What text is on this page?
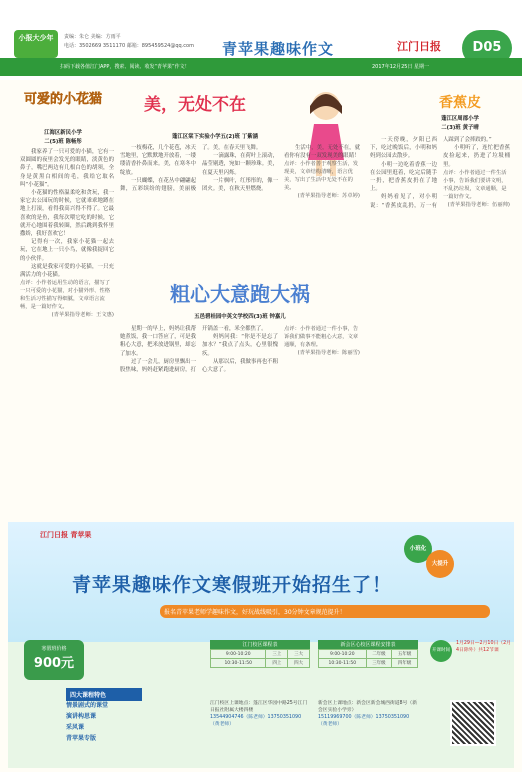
小报大少年	责编：朱仑 美编：方雨平
电话：3502669 3511170 邮箱：895459524@qq.com	青苹果趣味作文	江门日报	D05
扫码下载各值江门APP，搜索、阅读、收发“青苹果”作文！	2017年12月25日 星期一
可爱的小花猫
江海区新民小学
二(5)班 陈畅彤

我家养了一只可爱的小猫，它有一双圆圆的夜里会发光的眼睛，淡黄色的鼻子，嘴巴两边有几根白色的胡须，全身是黄黑白相间的毛，我给它取名叫“小花猫”。

小花猫的性格温柔吃和贪玩，我一家它去公园玩的时候，它就乖乖地蹲在地上打滚，看得我高兴得不得了。它最喜欢的是鱼，我每次喂它吃的时候，它就开心地围着我转圈，然后跳到我怀里撒娇，我好喜欢它！

记得有一次，我家小花猫一起去玩，它在地上一只小鸟，就像我捉回它的小伙伴。

这就是我家可爱的小花猫，一只充满活力的小花猫。

点评：小作者运用生动的语言，描写了一只可爱的小花猫，对小猫外形、性格和生活习性描写得细腻，文章语言流畅，是一篇好作文。

(青苹果指导老师：王文惠)

美，无处不在
蓬江区棠下实验小学五(2)班 丁紫涵

一枝梅花，几个花苞，冰天雪地里，它默默地开放着，一缕缕清香扑鼻而来。美，在寒冬中绽放。

一只蝴蝶，在花丛中翩翩起舞，五彩缤纷的翅膀，美丽极了。美，在春天里飞舞。

一滴露珠，在荷叶上滚动，晶莹剔透，宛如一颗珍珠。美，在夏天里闪烁。

一片枫叶，红彤彤的，像一团火。美，在秋天里燃烧。

生活中，美，无处不在，就看你有没有一双发现美的眼睛！

点评：小作者善于观察生活，发现美，文章结构清晰，语言优美，写出了生活中无处不在的美。

(青苹果指导老师：苏卓婷)

粗心大意跑大祸
五邑碧桂园中英文学校四(3)班 钟嘉儿

星期一的早上，妈妈让我帮她煮饭，我一口答应了，可是我粗心大意，把米放进锅里，却忘了加水。

过了一会儿，厨房里飘出一股焦味，妈妈赶紧跑进厨房，打开锅盖一看，米全都焦了。

妈妈问我：“你是不是忘了加水？”我点了点头，心里很愧疚。

从那以后，我做事再也不粗心大意了。

点评：小作者通过一件小事，告诉我们做事不能粗心大意，文章通顺，有条理。

(青苹果指导老师：陈丽雪)

香蕉皮
蓬江区周郡小学
二(3)班 黄子晴

一天傍晚，夕阳已西下，吃过晚饭后，小明和妈妈到公园去散步。

小明一边吃着香蕉一边在公园里逛着，吃完后随手一扔，把香蕉皮扔在了地上。

妈妈看见了，对小明说：“香蕉皮乱扔，万一有人踩到了会摔跤的。”

小明听了，连忙把香蕉皮捡起来，扔进了垃圾桶里。

点评：小作者通过一件生活小事，告诉我们要讲文明，不乱扔垃圾，文章通顺，是一篇好作文。

(青苹果指导老师：伍丽帅)

江门日报 青苹果
青苹果趣味作文寒假班开始招生了！
小班化
大提升
报名青苹果老师学趣味作文，好玩战线吸引，30分钟文章规范提升！
寒假班价格
900元
四大课程特色
情景剧式的课堂
演讲构思课
采风课
青苹果专版
江门校区课程表
9:00-10:20	三上	三大
10:30-11:50	四上	四大
新会区心校区课程安排表
9:00-10:20	二年级	五年级
10:30-11:50	三年级	四年级
开课时间
1月29日—2月10日（2月4日除外）共12节课
江门校区上课地点：蓬江区华园中路25号江门日报社附属大楼四楼
13544904746（陈老师）13750351090（黄老师）
新会区上课地点：新会区新会城西街道8号（新会区实验小学旁）
15119969700（陈老师）13750351090（黄老师）
